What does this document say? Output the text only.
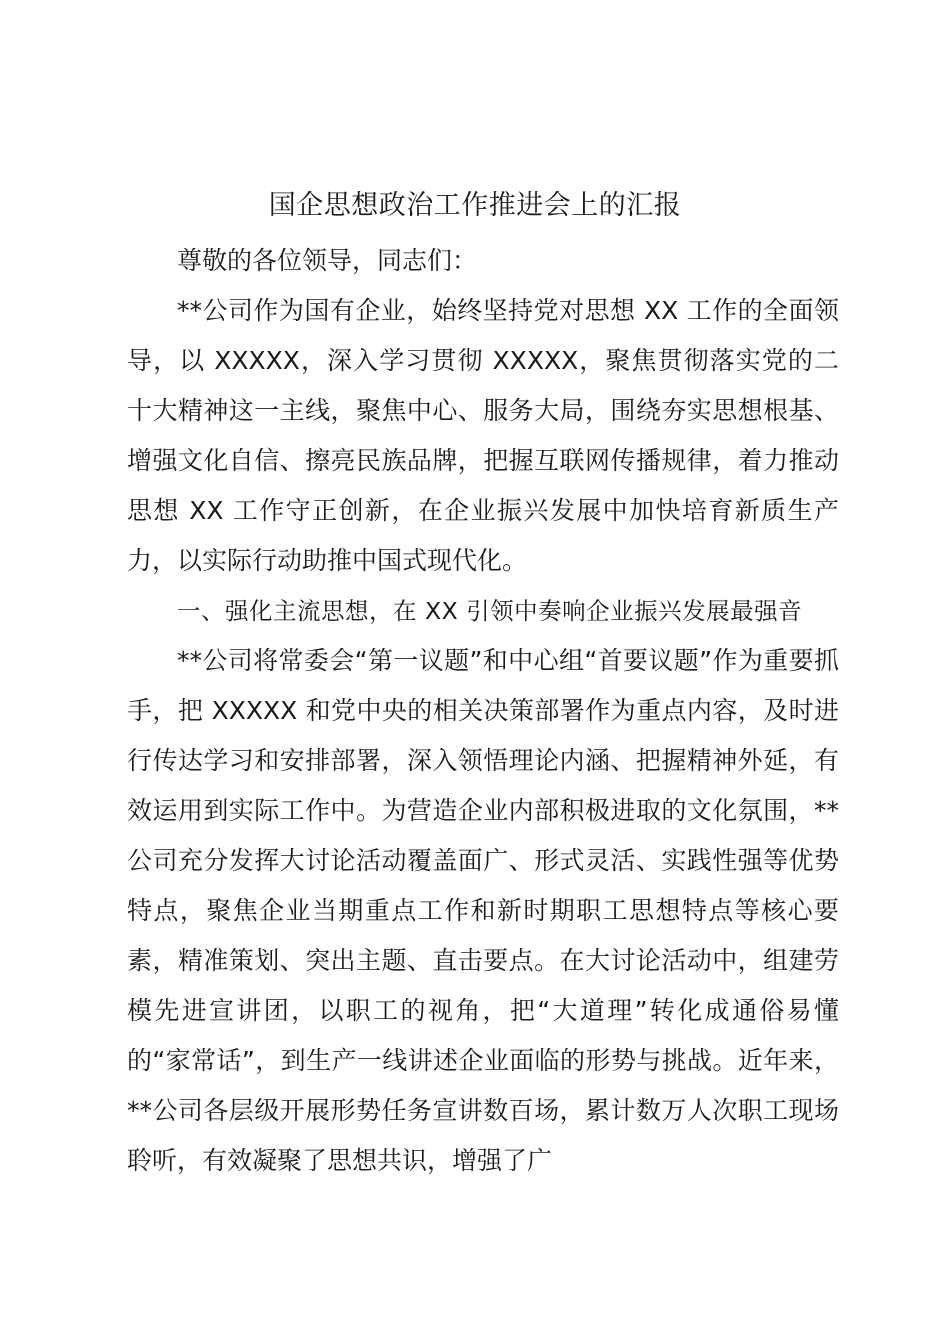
国企思想政治工作推进会上的汇报

尊敬的各位领导，同志们：

**公司作为国有企业，始终坚持党对思想 XX 工作的全面领导，以 XXXXX，深入学习贯彻 XXXXX，聚焦贯彻落实党的二十大精神这一主线，聚焦中心、服务大局，围绕夯实思想根基、增强文化自信、擦亮民族品牌，把握互联网传播规律，着力推动思想 XX 工作守正创新，在企业振兴发展中加快培育新质生产力，以实际行动助推中国式现代化。

一、强化主流思想，在 XX 引领中奏响企业振兴发展最强音

**公司将常委会“第一议题”和中心组“首要议题”作为重要抓手，把 XXXXX 和党中央的相关决策部署作为重点内容，及时进行传达学习和安排部署，深入领悟理论内涵、把握精神外延，有效运用到实际工作中。为营造企业内部积极进取的文化氛围，**公司充分发挥大讨论活动覆盖面广、形式灵活、实践性强等优势特点，聚焦企业当期重点工作和新时期职工思想特点等核心要素，精准策划、突出主题、直击要点。在大讨论活动中，组建劳模先进宣讲团，以职工的视角，把“大道理”转化成通俗易懂的“家常话”，到生产一线讲述企业面临的形势与挑战。近年来，**公司各层级开展形势任务宣讲数百场，累计数万人次职工现场聆听，有效凝聚了思想共识，增强了广
